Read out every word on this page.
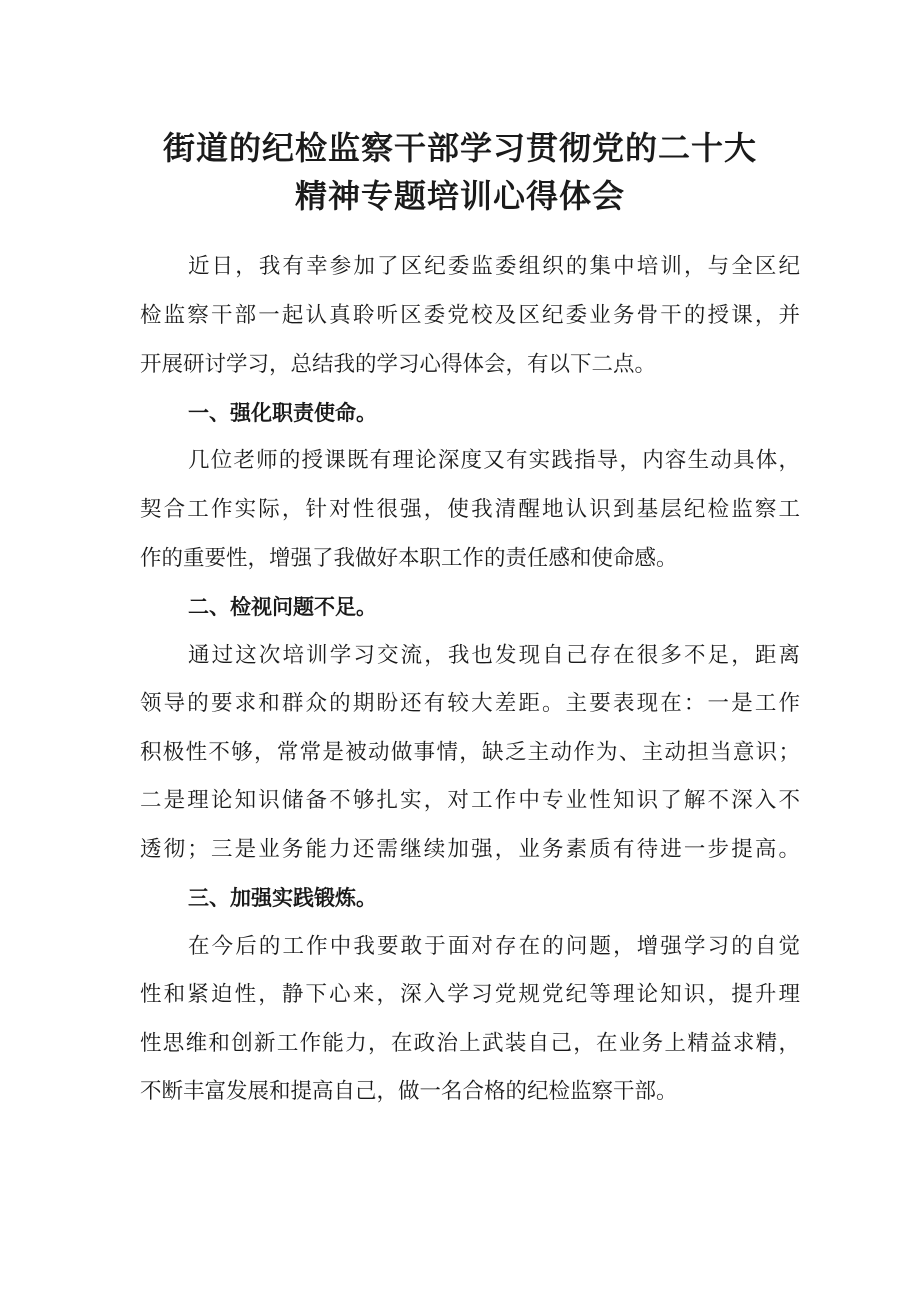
街道的纪检监察干部学习贯彻党的二十大
精神专题培训心得体会

近日，我有幸参加了区纪委监委组织的集中培训，与全区纪

检监察干部一起认真聆听区委党校及区纪委业务骨干的授课，并

开展研讨学习，总结我的学习心得体会，有以下二点。

一、强化职责使命。

几位老师的授课既有理论深度又有实践指导，内容生动具体，

契合工作实际，针对性很强，使我清醒地认识到基层纪检监察工

作的重要性，增强了我做好本职工作的责任感和使命感。

二、检视问题不足。

通过这次培训学习交流，我也发现自己存在很多不足，距离

领导的要求和群众的期盼还有较大差距。主要表现在：一是工作

积极性不够，常常是被动做事情，缺乏主动作为、主动担当意识；

二是理论知识储备不够扎实，对工作中专业性知识了解不深入不

透彻；三是业务能力还需继续加强，业务素质有待进一步提高。

三、加强实践锻炼。

在今后的工作中我要敢于面对存在的问题，增强学习的自觉

性和紧迫性，静下心来，深入学习党规党纪等理论知识，提升理

性思维和创新工作能力，在政治上武装自己，在业务上精益求精，

不断丰富发展和提高自己，做一名合格的纪检监察干部。
